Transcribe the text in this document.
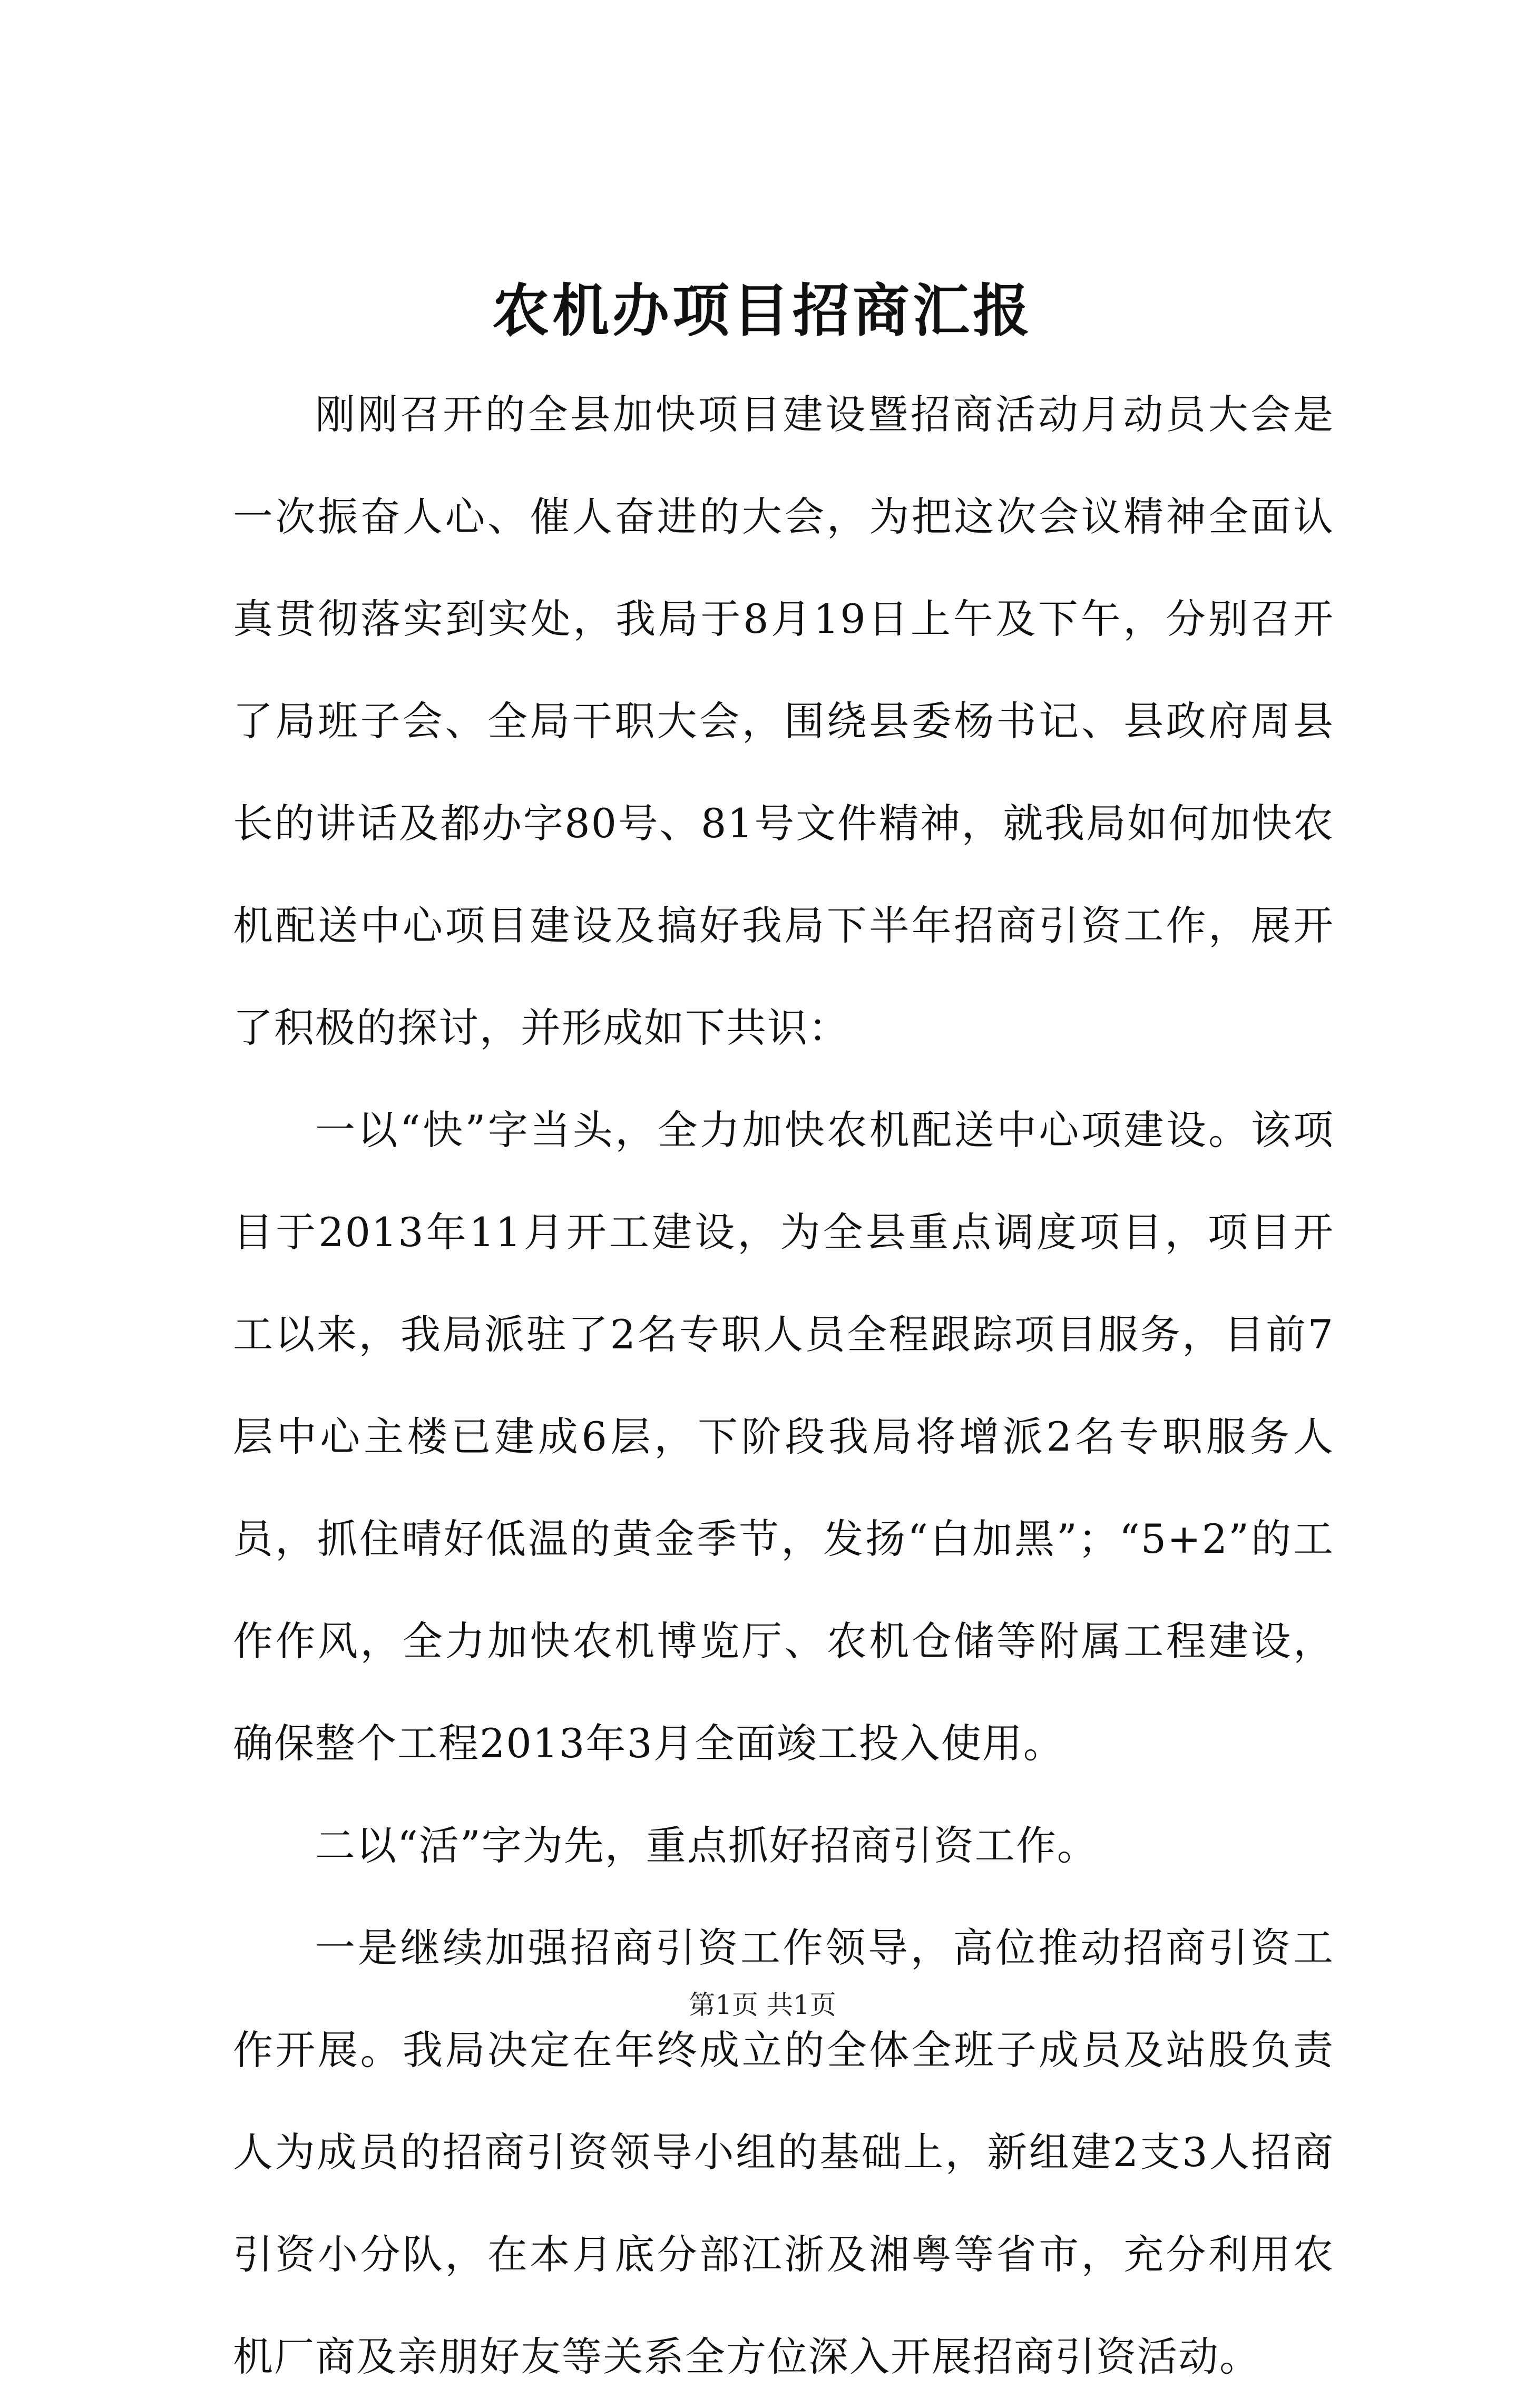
农机办项目招商汇报

刚刚召开的全县加快项目建设暨招商活动月动员大会是一次振奋人心、催人奋进的大会，为把这次会议精神全面认真贯彻落实到实处，我局于8月19日上午及下午，分别召开了局班子会、全局干职大会，围绕县委杨书记、县政府周县长的讲话及都办字80号、81号文件精神，就我局如何加快农机配送中心项目建设及搞好我局下半年招商引资工作，展开了积极的探讨，并形成如下共识：

一以“快”字当头，全力加快农机配送中心项建设。该项目于2013年11月开工建设，为全县重点调度项目，项目开工以来，我局派驻了2名专职人员全程跟踪项目服务，目前7层中心主楼已建成6层，下阶段我局将增派2名专职服务人员，抓住晴好低温的黄金季节，发扬“白加黑”；“5+2”的工作作风，全力加快农机博览厅、农机仓储等附属工程建设，确保整个工程2013年3月全面竣工投入使用。

二以“活”字为先，重点抓好招商引资工作。

一是继续加强招商引资工作领导，高位推动招商引资工作开展。我局决定在年终成立的全体全班子成员及站股负责人为成员的招商引资领导小组的基础上，新组建2支3人招商引资小分队，在本月底分部江浙及湘粤等省市，充分利用农机厂商及亲朋好友等关系全方位深入开展招商引资活动。

第1页 共1页
